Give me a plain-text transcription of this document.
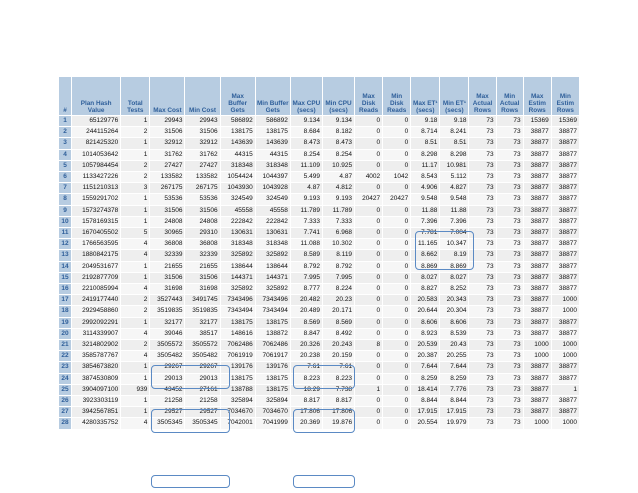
#	Plan Hash Value	Total Tests	Max Cost	Min Cost	Max Buffer Gets	Min Buffer Gets	Max CPU (secs)	Min CPU (secs)	Max Disk Reads	Min Disk Reads	Max ET¹ (secs)	Min ET¹ (secs)	Max Actual Rows	Min Actual Rows	Max Estim Rows	Min Estim Rows
1	65129776	1	29943	29943	586892	586892	9.134	9.134	0	0	9.18	9.18	73	73	15369	15369
2	244115264	2	31506	31506	138175	138175	8.684	8.182	0	0	8.714	8.241	73	73	38877	38877
3	821425320	1	32912	32912	143639	143639	8.473	8.473	0	0	8.51	8.51	73	73	38877	38877
4	1014053642	1	31762	31762	44315	44315	8.254	8.254	0	0	8.298	8.298	73	73	38877	38877
5	1057984454	2	27427	27427	318348	318348	11.109	10.925	0	0	11.17	10.981	73	73	38877	38877
6	1133427226	2	133582	133582	1054424	1044397	5.499	4.87	4002	1042	8.543	5.112	73	73	38877	38877
7	1151210313	3	267175	267175	1043930	1043928	4.87	4.812	0	0	4.906	4.827	73	73	38877	38877
8	1559291702	1	53536	53536	324549	324549	9.193	9.193	20427	20427	9.548	9.548	73	73	38877	38877
9	1573274378	1	31506	31506	45558	45558	11.789	11.789	0	0	11.88	11.88	73	73	38877	38877
10	1578169315	1	24808	24808	222842	222842	7.333	7.333	0	0	7.396	7.396	73	73	38877	38877
11	1670405502	5	30965	29310	130631	130631	7.741	6.968	0	0	7.781	7.004	73	73	38877	38877
12	1766563595	4	36808	36808	318348	318348	11.088	10.302	0	0	11.165	10.347	73	73	38877	38877
13	1880842175	4	32339	32339	325892	325892	8.589	8.119	0	0	8.662	8.19	73	73	38877	38877
14	2049531677	1	21655	21655	138644	138644	8.792	8.792	0	0	8.869	8.869	73	73	38877	38877
15	2192877709	1	31506	31506	144371	144371	7.995	7.995	0	0	8.027	8.027	73	73	38877	38877
16	2210085994	4	31698	31698	325892	325892	8.777	8.224	0	0	8.827	8.252	73	73	38877	38877
17	2419177440	2	3527443	3491745	7343496	7343496	20.482	20.23	0	0	20.583	20.343	73	73	38877	1000
18	2929458860	2	3519835	3519835	7343494	7343494	20.489	20.171	0	0	20.644	20.304	73	73	38877	1000
19	2992092291	1	32177	32177	138175	138175	8.569	8.569	0	0	8.606	8.606	73	73	38877	38877
20	3114339907	4	39046	38517	148616	138872	8.847	8.492	0	0	8.923	8.539	73	73	38877	38877
21	3214802902	2	3505572	3505572	7062486	7062486	20.326	20.243	8	0	20.539	20.43	73	73	1000	1000
22	3585787767	4	3505482	3505482	7061919	7061917	20.238	20.159	0	0	20.387	20.255	73	73	1000	1000
23	3854673820	1	29267	29267	139176	139176	7.61	7.61	0	0	7.644	7.644	73	73	38877	38877
24	3874530809	1	29013	29013	138175	138175	8.223	8.223	0	0	8.259	8.259	73	73	38877	38877
25	3904097100	939	43452	27161	138788	138175	18.29	7.738	1	0	18.414	7.776	73	73	38877	1
26	3923303119	1	21258	21258	325894	325894	8.817	8.817	0	0	8.844	8.844	73	73	38877	38877
27	3942567851	1	29527	29527	7034670	7034670	17.806	17.806	0	0	17.915	17.915	73	73	38877	38877
28	4280335752	4	3505345	3505345	7042001	7041999	20.369	19.876	0	0	20.554	19.979	73	73	1000	1000
